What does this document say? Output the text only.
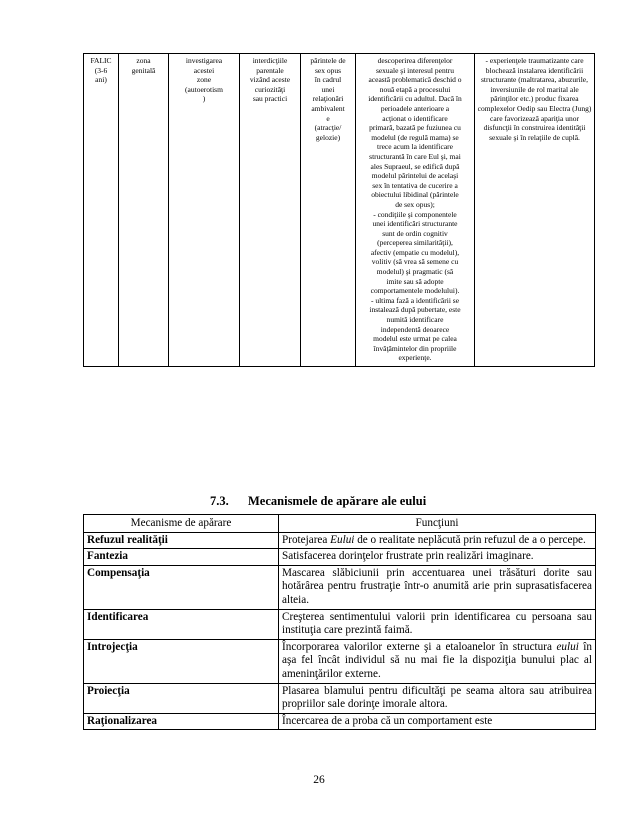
FALIC
(3-6
ani)	zona
genitală	investigarea
acestei
zone
(autoerotism
)	interdicţiile
parentale
vizând aceste
curiozităţi
sau practici	părintele de
sex opus
în cadrul
unei
relaţionări
ambivalent
e
(atracţie/
gelozie)	descoperirea diferenţelor
sexuale şi interesul pentru
această problematică deschid o
nouă etapă a procesului
identificării cu adultul. Dacă în
perioadele anterioare a
acţionat o identificare
primară, bazată pe fuziunea cu
modelul (de regulă mama) se
trece acum la identificare
structurantă în care Eul şi, mai
ales Supraeul, se edifică după
modelul părintelui de acelaşi
sex în tentativa de cucerire a
obiectului libidinal (părintele
de sex opus);
- condiţiile şi componentele
unei identificări structurante
sunt de ordin cognitiv
(perceperea similarităţii),
afectiv (empatie cu modelul),
volitiv (să vrea să semene cu
modelul) şi pragmatic (să
imite sau să adopte
comportamentele modelului).
- ultima fază a identificării se
instalează după pubertate, este
numită identificare
independentă deoarece
modelul este urmat pe calea
învăţămintelor din propriile
experienţe.	- experienţele traumatizante care
blochează instalarea identificării
structurante (maltratarea, abuzurile,
inversiunile de rol marital ale
părinţilor etc.) produc fixarea
complexelor Oedip sau Electra (Jung)
care favorizează apariţia unor
disfuncţii în construirea identităţii
sexuale şi în relaţiile de cuplă.
7.3. Mecanismele de apărare ale eului
Mecanisme de apărare	Funcţiuni
Refuzul realităţii	Protejarea Eului de o realitate neplăcută prin refuzul de a o percepe.
Fantezia	Satisfacerea dorinţelor frustrate prin realizări imaginare.
Compensaţia	Mascarea slăbiciunii prin accentuarea unei trăsături dorite sau hotărârea pentru frustraţie într-o anumită arie prin suprasatisfacerea alteia.
Identificarea	Creşterea sentimentului valorii prin identificarea cu persoana sau instituţia care prezintă faimă.
Introjecţia	Încorporarea valorilor externe şi a etaloanelor în structura eului în aşa fel încât individul să nu mai fie la dispoziţia bunului plac al ameninţărilor externe.
Proiecţia	Plasarea blamului pentru dificultăţi pe seama altora sau atribuirea propriilor sale dorinţe imorale altora.
Raţionalizarea	Încercarea de a proba că un comportament este
26
